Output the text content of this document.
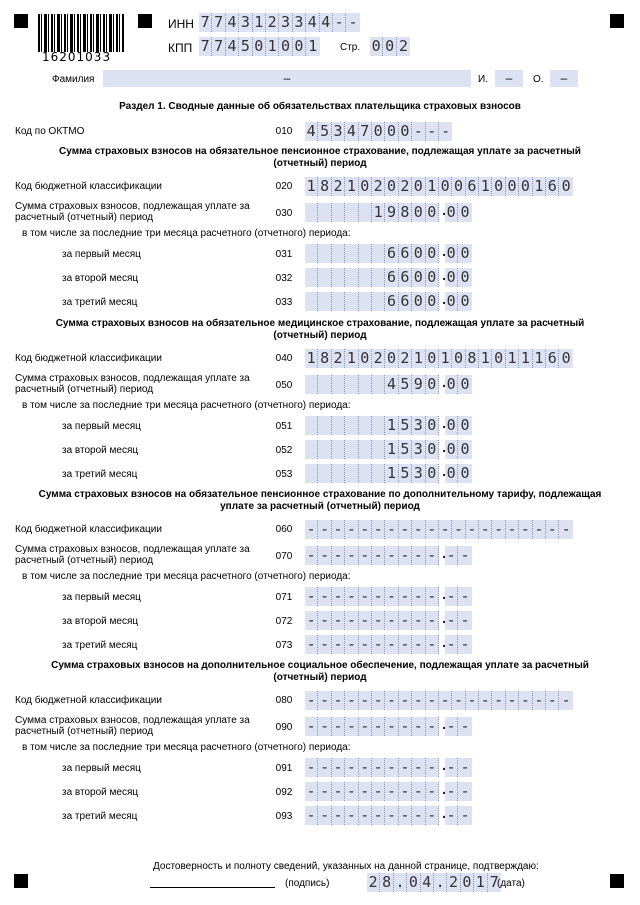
16201033
ИНН 7 7 4 3 1 2 3 3 4 4 - -
КПП 7 7 4 5 0 1 0 0 1 Стр. 0 0 2
Фамилия	–	И.	–	О.	–
Раздел 1. Сводные данные об обязательствах плательщика страховых взносов
Код по ОКТМО	010 4 5 3 4 7 0 0 0 - - -
Сумма страховых взносов на обязательное пенсионное страхование, подлежащая уплате за расчетный
(отчетный) период
Код бюджетной классификации	020 1 8 2 1 0 2 0 2 0 1 0 0 6 1 0 0 0 1 6 0
Сумма страховых взносов, подлежащая уплате за
расчетный (отчетный) период	030	1 9 8 0 0 . 0 0
в том числе за последние три месяца расчетного (отчетного) периода:
за первый месяц	031	6 6 0 0 . 0 0
за второй месяц	032	6 6 0 0 . 0 0
за третий месяц	033	6 6 0 0 . 0 0
Сумма страховых взносов на обязательное медицинское страхование, подлежащая уплате за расчетный
(отчетный) период
Код бюджетной классификации	040 1 8 2 1 0 2 0 2 1 0 1 0 8 1 0 1 1 1 6 0
Сумма страховых взносов, подлежащая уплате за
расчетный (отчетный) период	050	4 5 9 0 . 0 0
в том числе за последние три месяца расчетного (отчетного) периода:
за первый месяц	051	1 5 3 0 . 0 0
за второй месяц	052	1 5 3 0 . 0 0
за третий месяц	053	1 5 3 0 . 0 0
Сумма страховых взносов на обязательное пенсионное страхование по дополнительному тарифу, подлежащая
уплате за расчетный (отчетный) период
Код бюджетной классификации	060 - - - - - - - - - - - - - - - - - - - -
Сумма страховых взносов, подлежащая уплате за
расчетный (отчетный) период	070 - - - - - - - - - - . - -
в том числе за последние три месяца расчетного (отчетного) периода:
за первый месяц	071 - - - - - - - - - - . - -
за второй месяц	072 - - - - - - - - - - . - -
за третий месяц	073 - - - - - - - - - - . - -
Сумма страховых взносов на дополнительное социальное обеспечение, подлежащая уплате за расчетный
(отчетный) период
Код бюджетной классификации	080 - - - - - - - - - - - - - - - - - - - -
Сумма страховых взносов, подлежащая уплате за
расчетный (отчетный) период	090 - - - - - - - - - - . - -
в том числе за последние три месяца расчетного (отчетного) периода:
за первый месяц	091 - - - - - - - - - - . - -
за второй месяц	092 - - - - - - - - - - . - -
за третий месяц	093 - - - - - - - - - - . - -
Достоверность и полноту сведений, указанных на данной странице, подтверждаю:
(подпись)	2 8 . 0 4 . 2 0 1 7
(дата)
